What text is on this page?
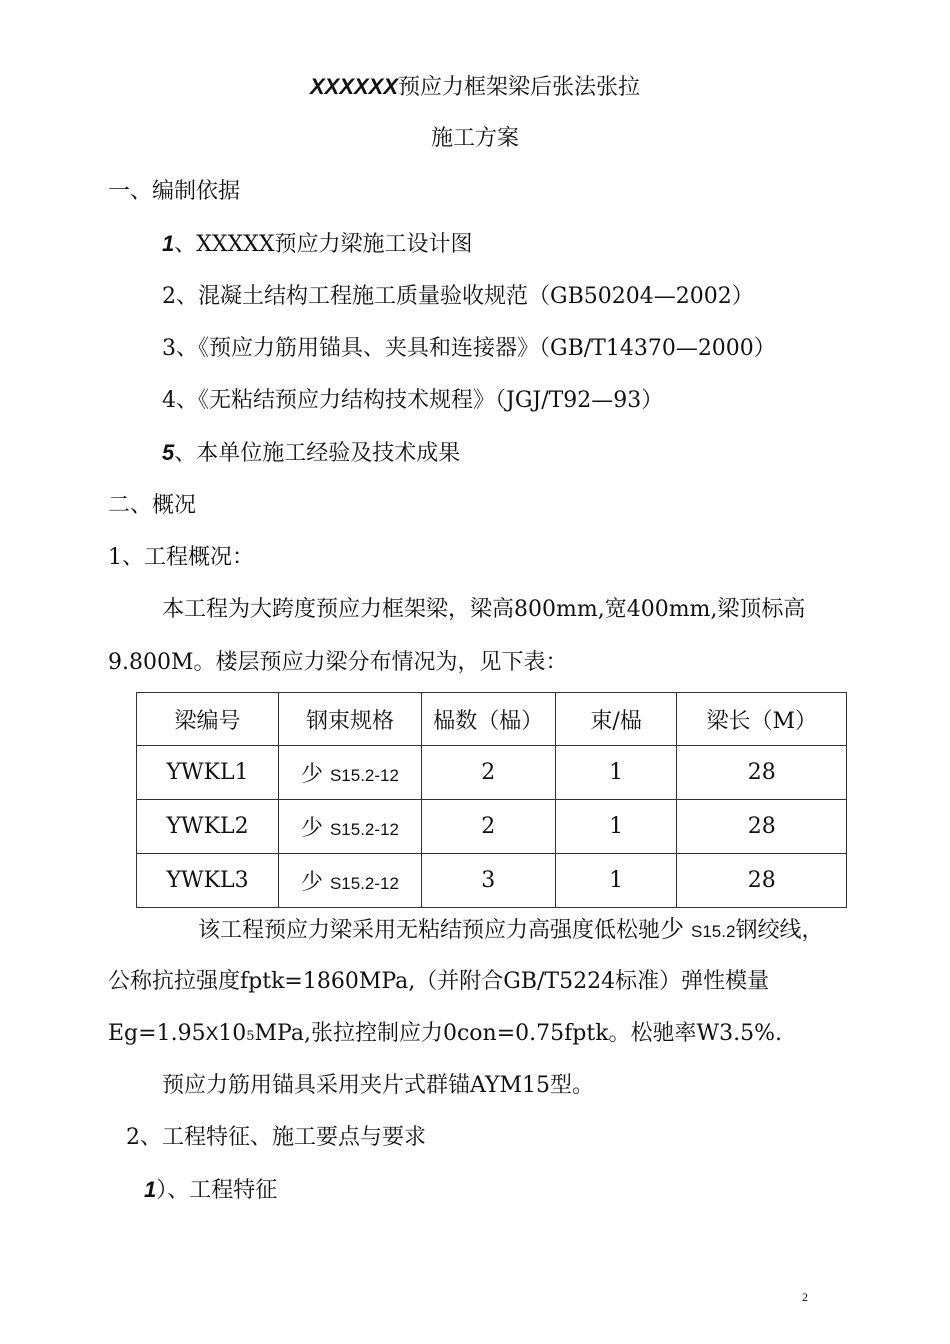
XXXXXX预应力框架梁后张法张拉
施工方案
一、编制依据
1、XXXXX预应力梁施工设计图
2、混凝土结构工程施工质量验收规范（GB50204—2002）
3、《预应力筋用锚具、夹具和连接器》（GB/T14370—2000）
4、《无粘结预应力结构技术规程》（JGJ/T92—93）
5、本单位施工经验及技术成果
二、概况
1、工程概况：
本工程为大跨度预应力框架梁，梁高800mm,宽400mm,梁顶标高
9.800M。楼层预应力梁分布情况为，见下表：
梁编号	钢束规格	榀数（榀）	束/榀	梁长（M）
YWKL1	少 S15.2-12	2	1	28
YWKL2	少 S15.2-12	2	1	28
YWKL3	少 S15.2-12	3	1	28
该工程预应力梁采用无粘结预应力高强度低松驰少 S15.2钢绞线，
公称抗拉强度fptk=1860MPa,（并附合GB/T5224标准）弹性模量
Eg=1.95X105MPa,张拉控制应力0con=0.75fptk。松驰率W3.5%.
预应力筋用锚具采用夹片式群锚AYM15型。
2、工程特征、施工要点与要求
1）、工程特征
2
